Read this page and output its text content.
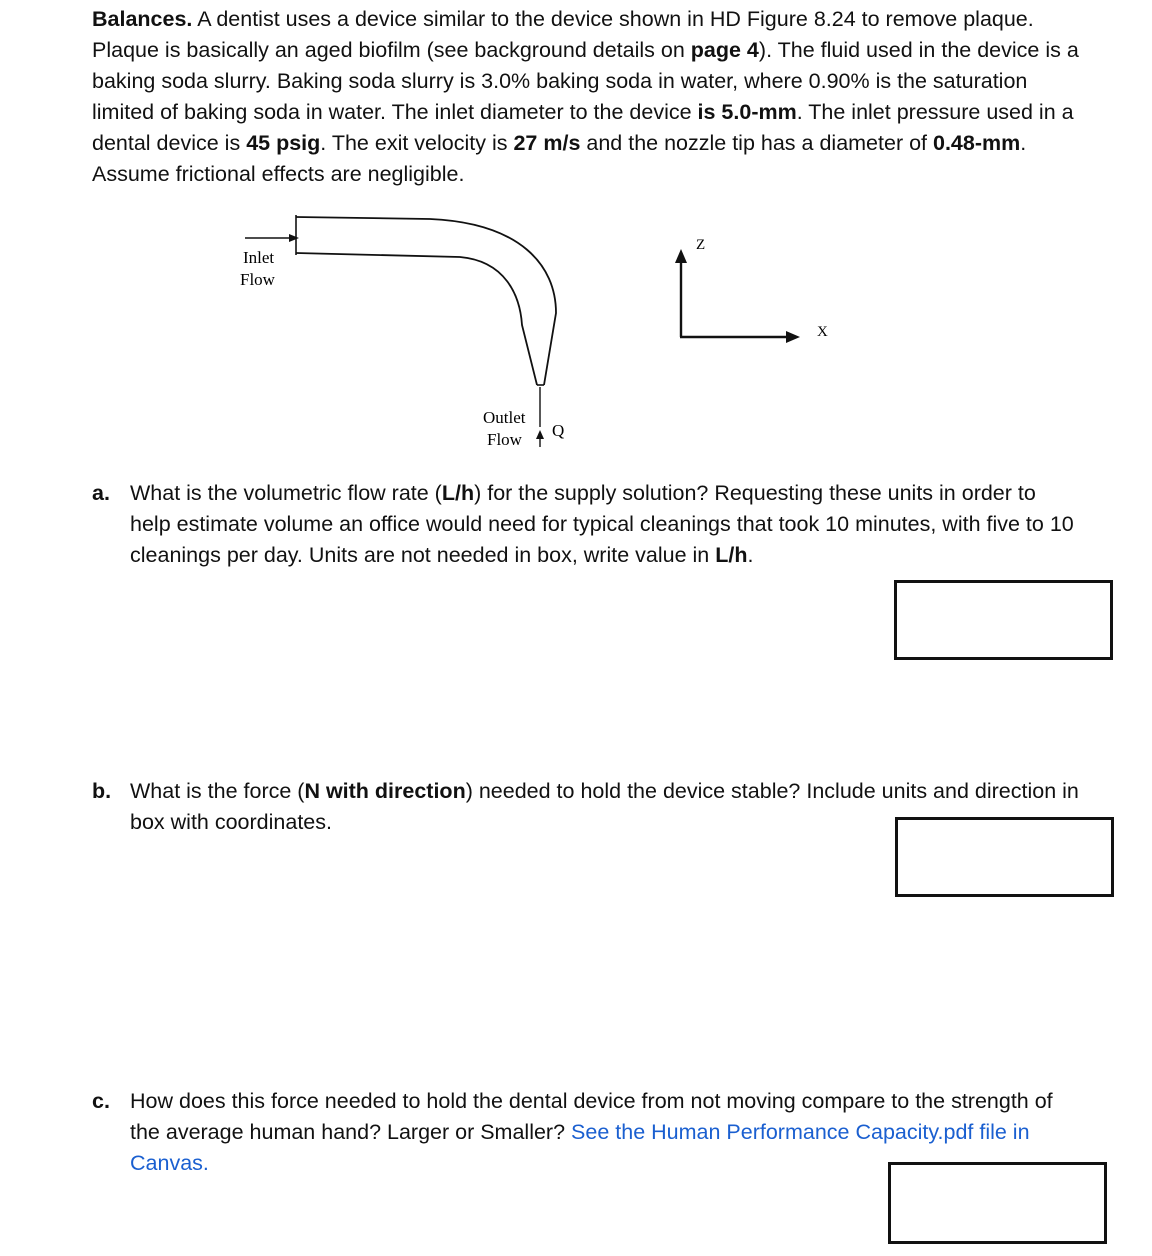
Balances. A dentist uses a device similar to the device shown in HD Figure 8.24 to remove plaque. Plaque is basically an aged biofilm (see background details on page 4). The fluid used in the device is a baking soda slurry. Baking soda slurry is 3.0% baking soda in water, where 0.90% is the saturation limited of baking soda in water. The inlet diameter to the device is 5.0-mm. The inlet pressure used in a dental device is 45 psig. The exit velocity is 27 m/s and the nozzle tip has a diameter of 0.48-mm. Assume frictional effects are negligible.

Inlet
Flow
Outlet
Flow Q
Z
X
a. What is the volumetric flow rate (L/h) for the supply solution? Requesting these units in order to help estimate volume an office would need for typical cleanings that took 10 minutes, with five to 10 cleanings per day. Units are not needed in box, write value in L/h.
b. What is the force (N with direction) needed to hold the device stable? Include units and direction in box with coordinates.
c. How does this force needed to hold the dental device from not moving compare to the strength of the average human hand? Larger or Smaller? See the Human Performance Capacity.pdf file in Canvas.
